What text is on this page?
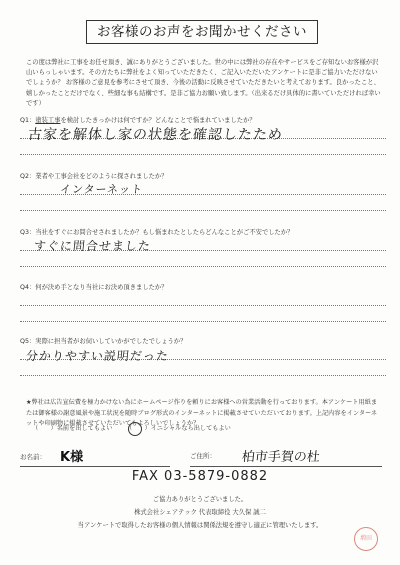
お客様のお声をお聞かせください
この度は弊社に工事をお任せ頂き、誠にありがとうございました。世の中には弊社の存在やサービスをご存知ないお客様が沢山いらっしゃいます。その方たちに弊社をよく知っていただきたく、ご記入いただいたアンケートに是非ご協力いただけないでしょうか？ お客様のご意見を参考にさせて頂き、今後の活動に反映させていただきたいと考えております。良かったこと、嬉しかったことだけでなく、些細な事も結構です。是非ご協力お願い致します。（出来るだけ具体的に書いていただければ幸いです）
Q1：塗装工事を検討したきっかけは何ですか？どんなことで悩まれていましたか？
古家を解体し家の状態を確認したため
Q2：業者や工事会社をどのように探されましたか？
インターネット
Q3：当社をすぐにお問合せされましたか？もし悩まれたとしたらどんなことがご不安でしたか？
すぐに問合せました
Q4：何が決め手となり当社にお決め頂きましたか？
Q5：実際に担当者がお伺いしていかがでしたでしょうか？
分かりやすい説明だった
★弊社は広告宣伝費を極力かけない為にホームページ作りを頼りにお客様への営業活動を行っております。本アンケート用紙または御客様の謝意風景や施工状況を随時ブログ形式のインターネットに掲載させていただいております。上記内容をインターネットや印刷物に掲載させていただいてもよろしいでしょうか？
（　　）名前を出してもよい （　　）イニシャルなら出してもよい
お名前： K様	ご住所： 柏市手賀の杜
FAX 03-5879-0882
ご協力ありがとうございました。
株式会社シェアテック 代表取締役 大久保 誠二
当アンケートで取得したお客様の個人情報は関係法規を遵守し適正に管理いたします。
増田
